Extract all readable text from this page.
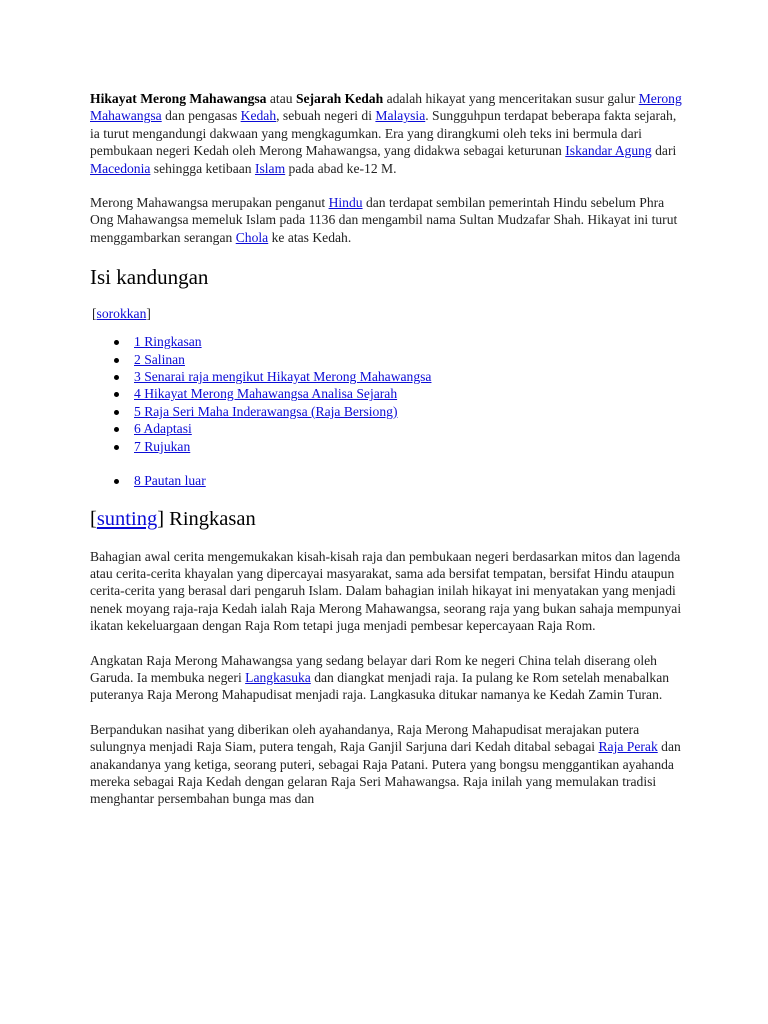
Hikayat Merong Mahawangsa atau Sejarah Kedah adalah hikayat yang menceritakan susur galur Merong Mahawangsa dan pengasas Kedah, sebuah negeri di Malaysia. Sungguhpun terdapat beberapa fakta sejarah, ia turut mengandungi dakwaan yang mengkagumkan. Era yang dirangkumi oleh teks ini bermula dari pembukaan negeri Kedah oleh Merong Mahawangsa, yang didakwa sebagai keturunan Iskandar Agung dari Macedonia sehingga ketibaan Islam pada abad ke-12 M.

Merong Mahawangsa merupakan penganut Hindu dan terdapat sembilan pemerintah Hindu sebelum Phra Ong Mahawangsa memeluk Islam pada 1136 dan mengambil nama Sultan Mudzafar Shah. Hikayat ini turut menggambarkan serangan Chola ke atas Kedah.

Isi kandungan
[sorokkan]
1 Ringkasan
2 Salinan
3 Senarai raja mengikut Hikayat Merong Mahawangsa
4 Hikayat Merong Mahawangsa Analisa Sejarah
5 Raja Seri Maha Inderawangsa (Raja Bersiong)
6 Adaptasi
7 Rujukan
8 Pautan luar
[sunting] Ringkasan

Bahagian awal cerita mengemukakan kisah-kisah raja dan pembukaan negeri berdasarkan mitos dan lagenda atau cerita-cerita khayalan yang dipercayai masyarakat, sama ada bersifat tempatan, bersifat Hindu ataupun cerita-cerita yang berasal dari pengaruh Islam. Dalam bahagian inilah hikayat ini menyatakan yang menjadi nenek moyang raja-raja Kedah ialah Raja Merong Mahawangsa, seorang raja yang bukan sahaja mempunyai ikatan kekeluargaan dengan Raja Rom tetapi juga menjadi pembesar kepercayaan Raja Rom.

Angkatan Raja Merong Mahawangsa yang sedang belayar dari Rom ke negeri China telah diserang oleh Garuda. Ia membuka negeri Langkasuka dan diangkat menjadi raja. Ia pulang ke Rom setelah menabalkan puteranya Raja Merong Mahapudisat menjadi raja. Langkasuka ditukar namanya ke Kedah Zamin Turan.

Berpandukan nasihat yang diberikan oleh ayahandanya, Raja Merong Mahapudisat merajakan putera sulungnya menjadi Raja Siam, putera tengah, Raja Ganjil Sarjuna dari Kedah ditabal sebagai Raja Perak dan anakandanya yang ketiga, seorang puteri, sebagai Raja Patani. Putera yang bongsu menggantikan ayahanda mereka sebagai Raja Kedah dengan gelaran Raja Seri Mahawangsa. Raja inilah yang memulakan tradisi menghantar persembahan bunga mas dan
